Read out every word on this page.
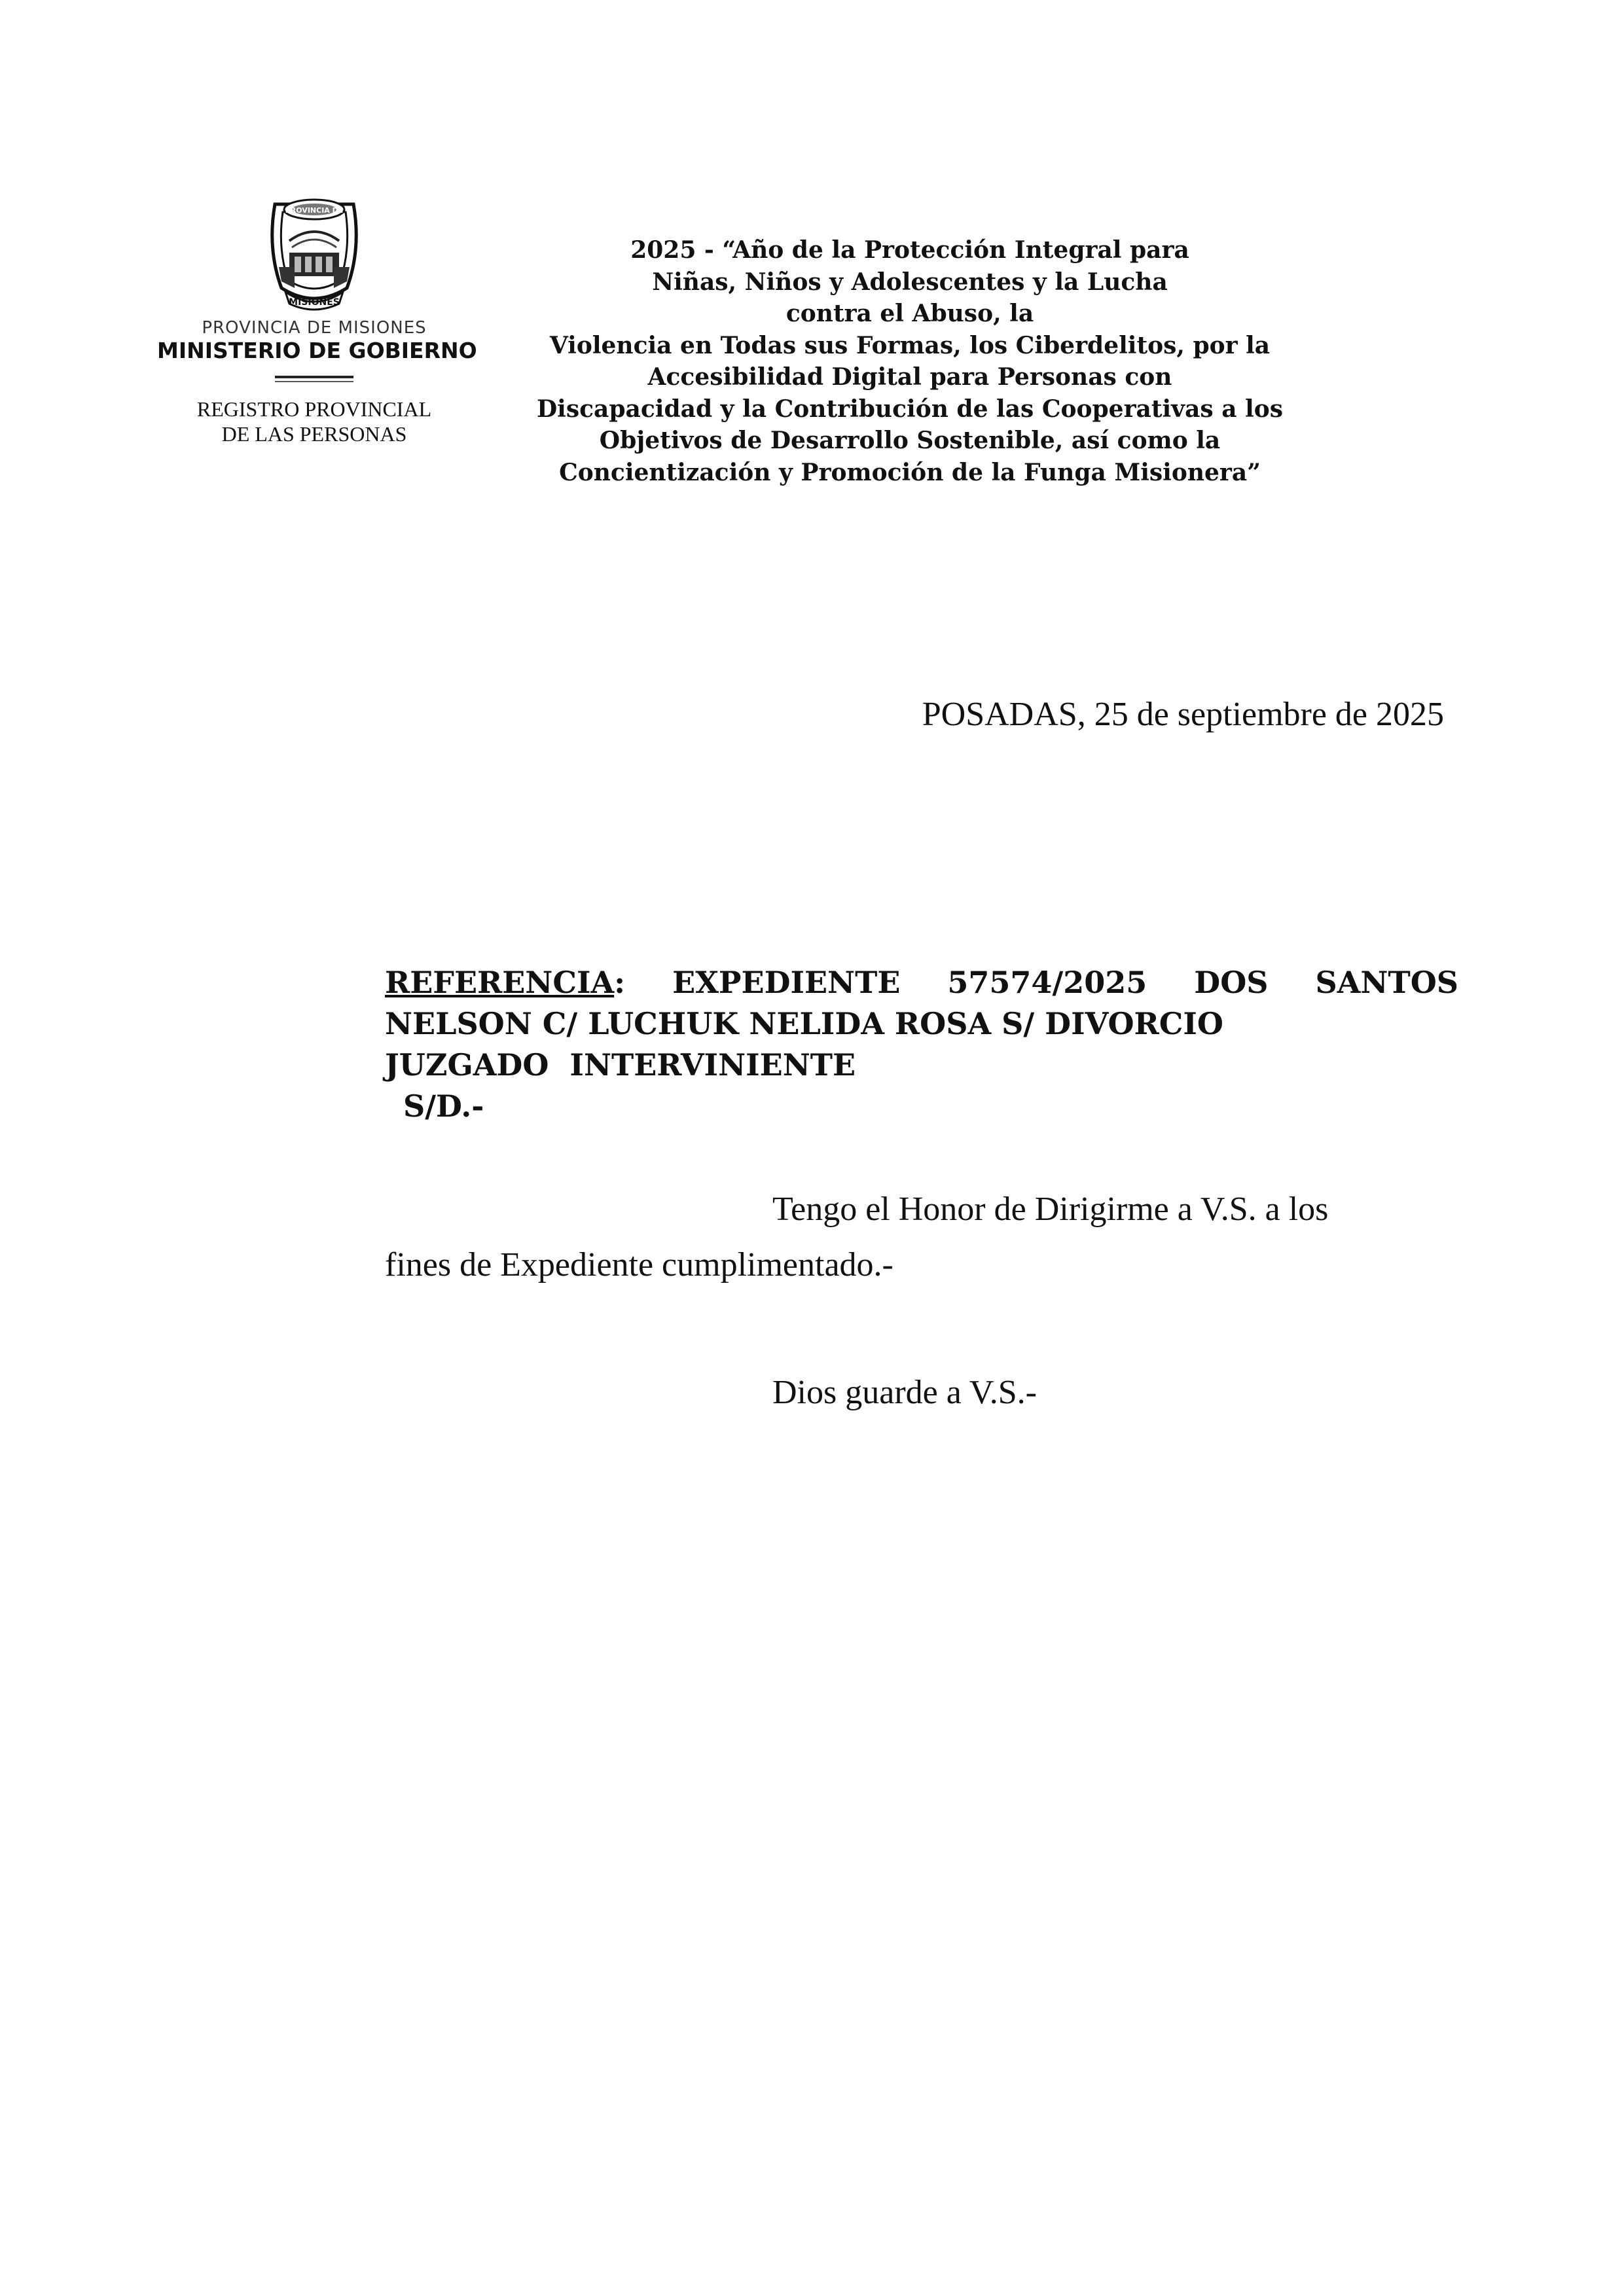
MISIONES
PROVINCIA DE
PROVINCIA DE MISIONES
MINISTERIO DE GOBIERNO
REGISTRO PROVINCIAL
DE LAS PERSONAS
2025 - “Año de la Protección Integral para
Niñas, Niños y Adolescentes y la Lucha
contra el Abuso, la
Violencia en Todas sus Formas, los Ciberdelitos, por la
Accesibilidad Digital para Personas con
Discapacidad y la Contribución de las Cooperativas a los
Objetivos de Desarrollo Sostenible, así como la
Concientización y Promoción de la Funga Misionera”
POSADAS, 25 de septiembre de 2025
REFERENCIA: EXPEDIENTE 57574/2025 DOS SANTOS
NELSON C/ LUCHUK NELIDA ROSA S/ DIVORCIO
JUZGADO  INTERVINIENTE
S/D.-
Tengo el Honor de Dirigirme a V.S. a los
fines de Expediente cumplimentado.-
Dios guarde a V.S.-
